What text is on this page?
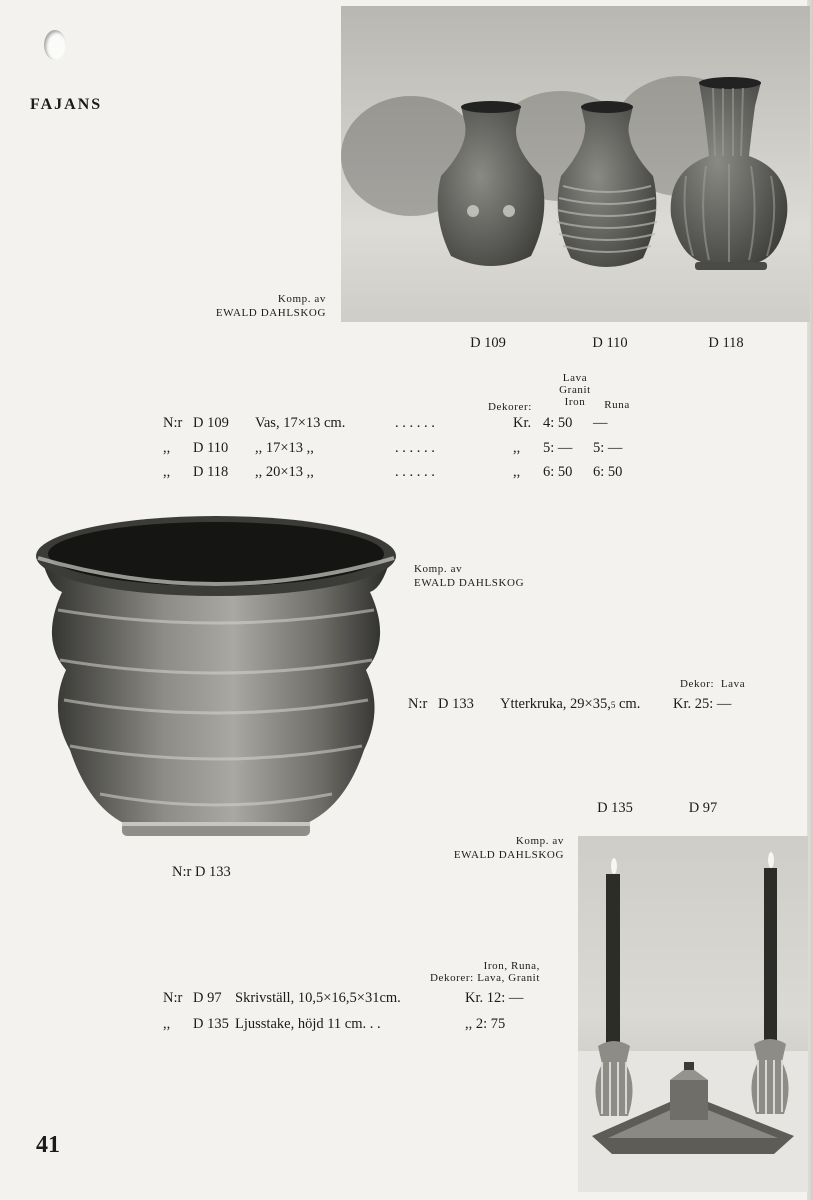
FAJANS
Komp. av
EWALD DAHLSKOG
D 109	D 110	D 118
Dekorer:
Lava
Granit
Iron	Runa
N:r D 109 Vas, 17×13 cm.	. . . . . .	Kr. 4: 50 —
,, D 110 ,, 17×13 ,,	. . . . . .	,, 5: — 5: —
,, D 118 ,, 20×13 ,,	. . . . . .	,, 6: 50 6: 50
Komp. av
EWALD DAHLSKOG
Dekor: Lava
N:r D 133 Ytterkruka, 29×35,5 cm. Kr. 25: —
N:r D 133
D 135	D 97
Komp. av
EWALD DAHLSKOG
Iron, Runa,
Dekorer: Lava, Granit
N:r D 97 Skrivställ, 10,5×16,5×31cm.	Kr. 12: —
,, D 135 Ljusstake, höjd 11 cm. . .	,, 2: 75
41
